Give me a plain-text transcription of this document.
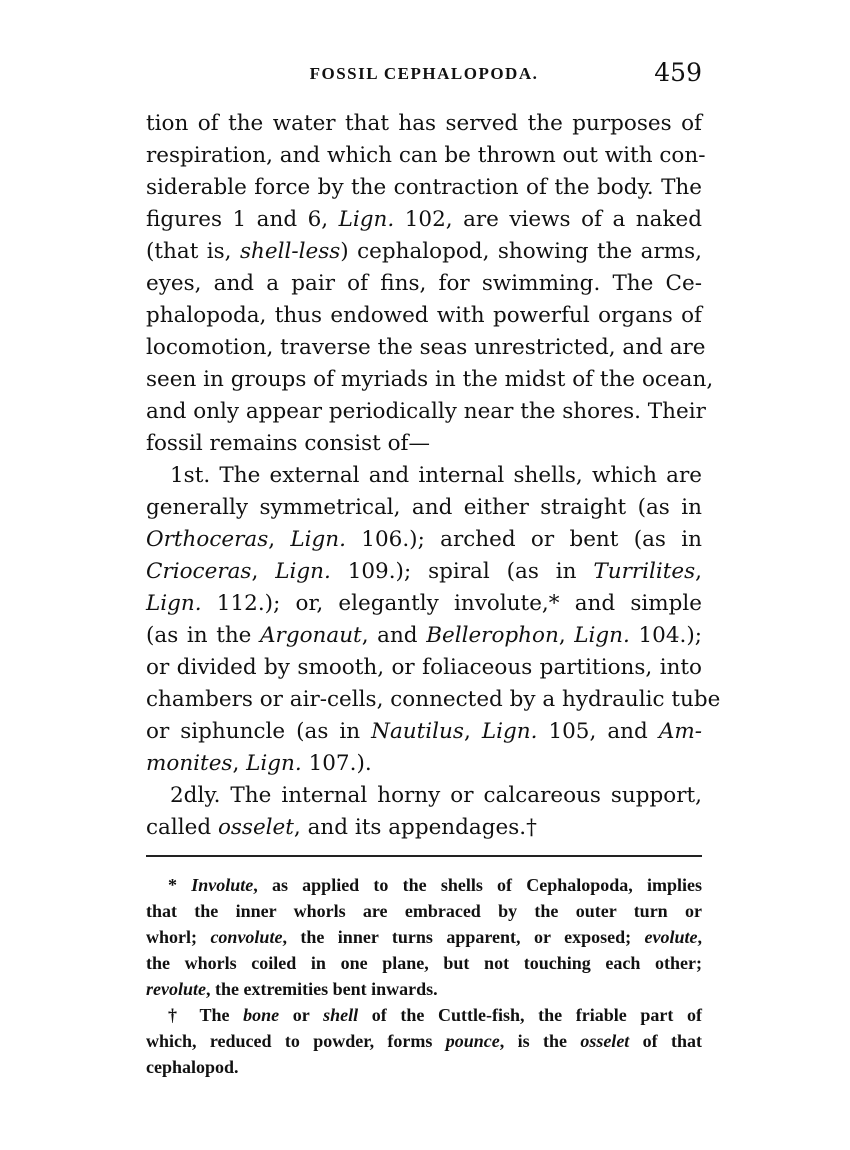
FOSSIL CEPHALOPODA.	459
tion of the water that has served the purposes of
respiration, and which can be thrown out with con-
siderable force by the contraction of the body. The
figures 1 and 6, Lign. 102, are views of a naked
(that is, shell-less) cephalopod, showing the arms,
eyes, and a pair of fins, for swimming. The Ce-
phalopoda, thus endowed with powerful organs of
locomotion, traverse the seas unrestricted, and are
seen in groups of myriads in the midst of the ocean,
and only appear periodically near the shores. Their
fossil remains consist of—
1st. The external and internal shells, which are
generally symmetrical, and either straight (as in
Orthoceras, Lign. 106.); arched or bent (as in
Crioceras, Lign. 109.); spiral (as in Turrilites,
Lign. 112.); or, elegantly involute,* and simple
(as in the Argonaut, and Bellerophon, Lign. 104.);
or divided by smooth, or foliaceous partitions, into
chambers or air-cells, connected by a hydraulic tube
or siphuncle (as in Nautilus, Lign. 105, and Am-
monites, Lign. 107.).
2dly. The internal horny or calcareous support,
called osselet, and its appendages.†
* Involute, as applied to the shells of Cephalopoda, implies
that the inner whorls are embraced by the outer turn or
whorl; convolute, the inner turns apparent, or exposed; evolute,
the whorls coiled in one plane, but not touching each other;
revolute, the extremities bent inwards.
† The bone or shell of the Cuttle-fish, the friable part of
which, reduced to powder, forms pounce, is the osselet of that
cephalopod.
